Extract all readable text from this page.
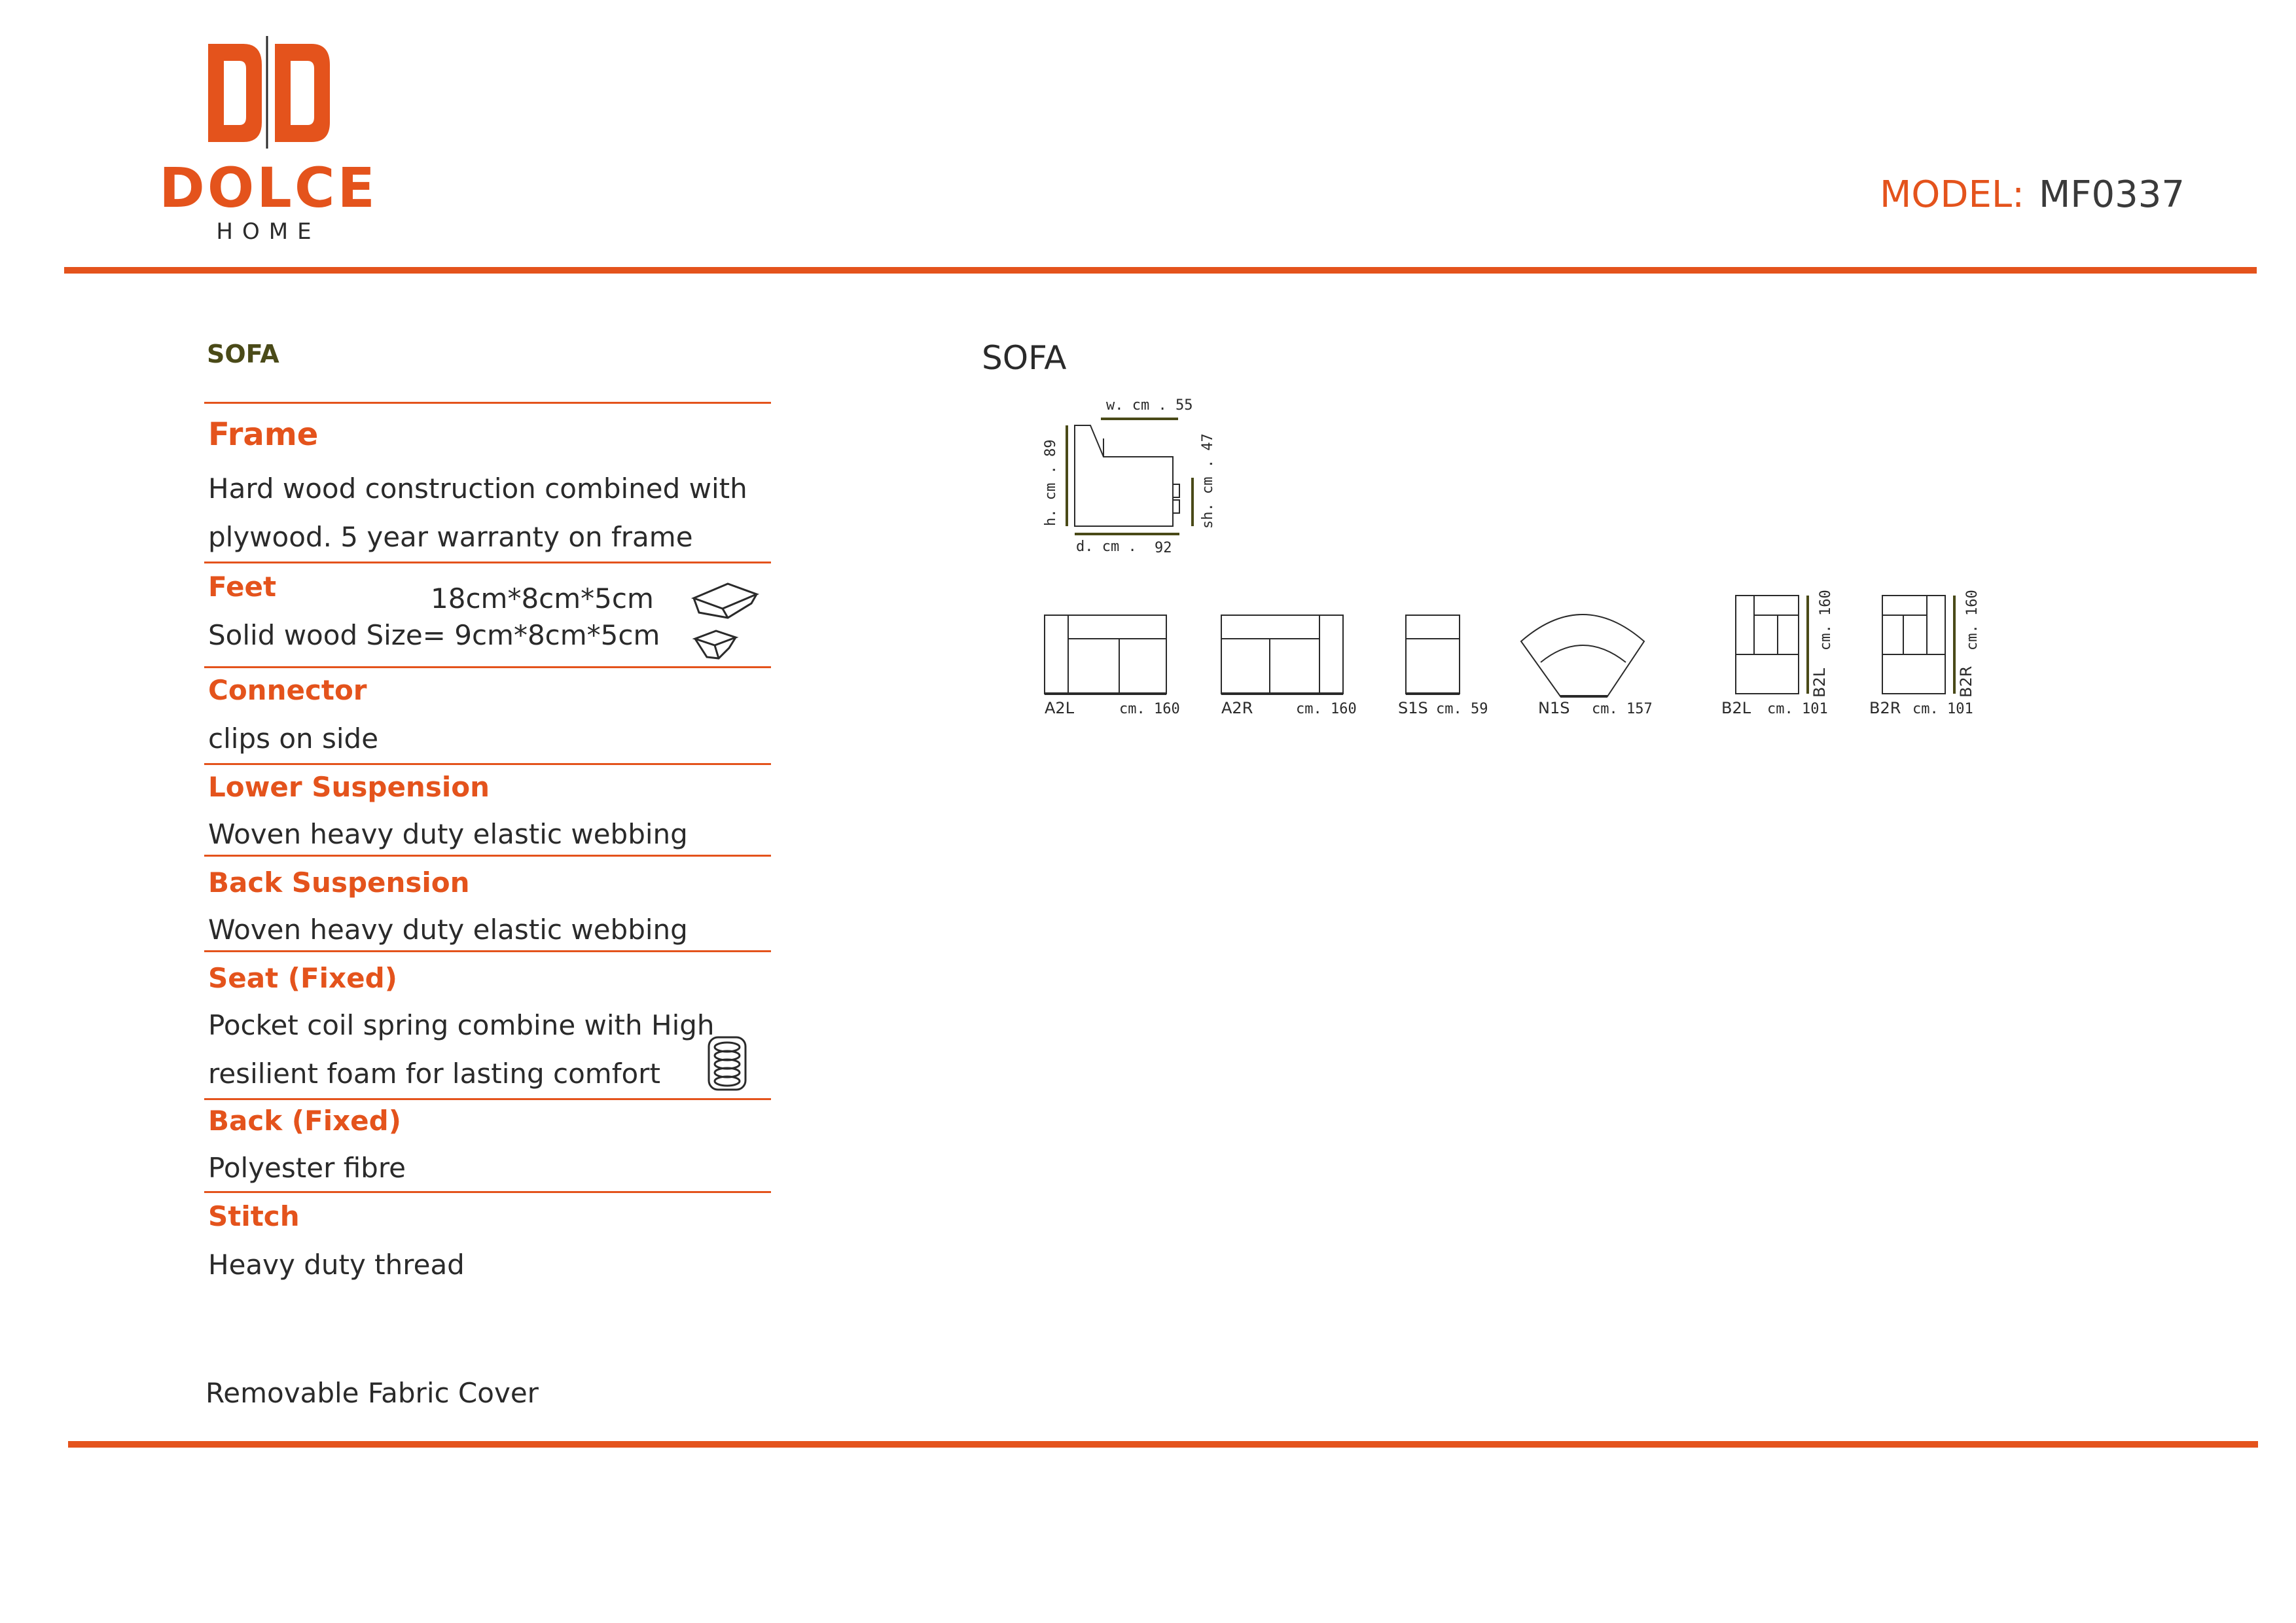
DOLCE
HOME
MODEL: MF0337
SOFA
Frame
Hard wood construction combined with
plywood. 5 year warranty on frame
Feet	18cm*8cm*5cm
Solid wood Size= 9cm*8cm*5cm
Connector
clips on side
Lower Suspension
Woven heavy duty elastic webbing
Back Suspension
Woven heavy duty elastic webbing
Seat (Fixed)
Pocket coil spring combine with High
resilient foam for lasting comfort
Back (Fixed)
Polyester fibre
Stitch
Heavy duty thread
Removable Fabric Cover
SOFA
w. cm . 55
h. cm . 89	sh. cm . 47
d. cm . 92
A2L	cm. 160	A2R	cm. 160	S1S cm. 59	N1S cm. 157	B2L cm. 101
B2L
cm. 160
B2R cm. 101
B2R
cm. 160
